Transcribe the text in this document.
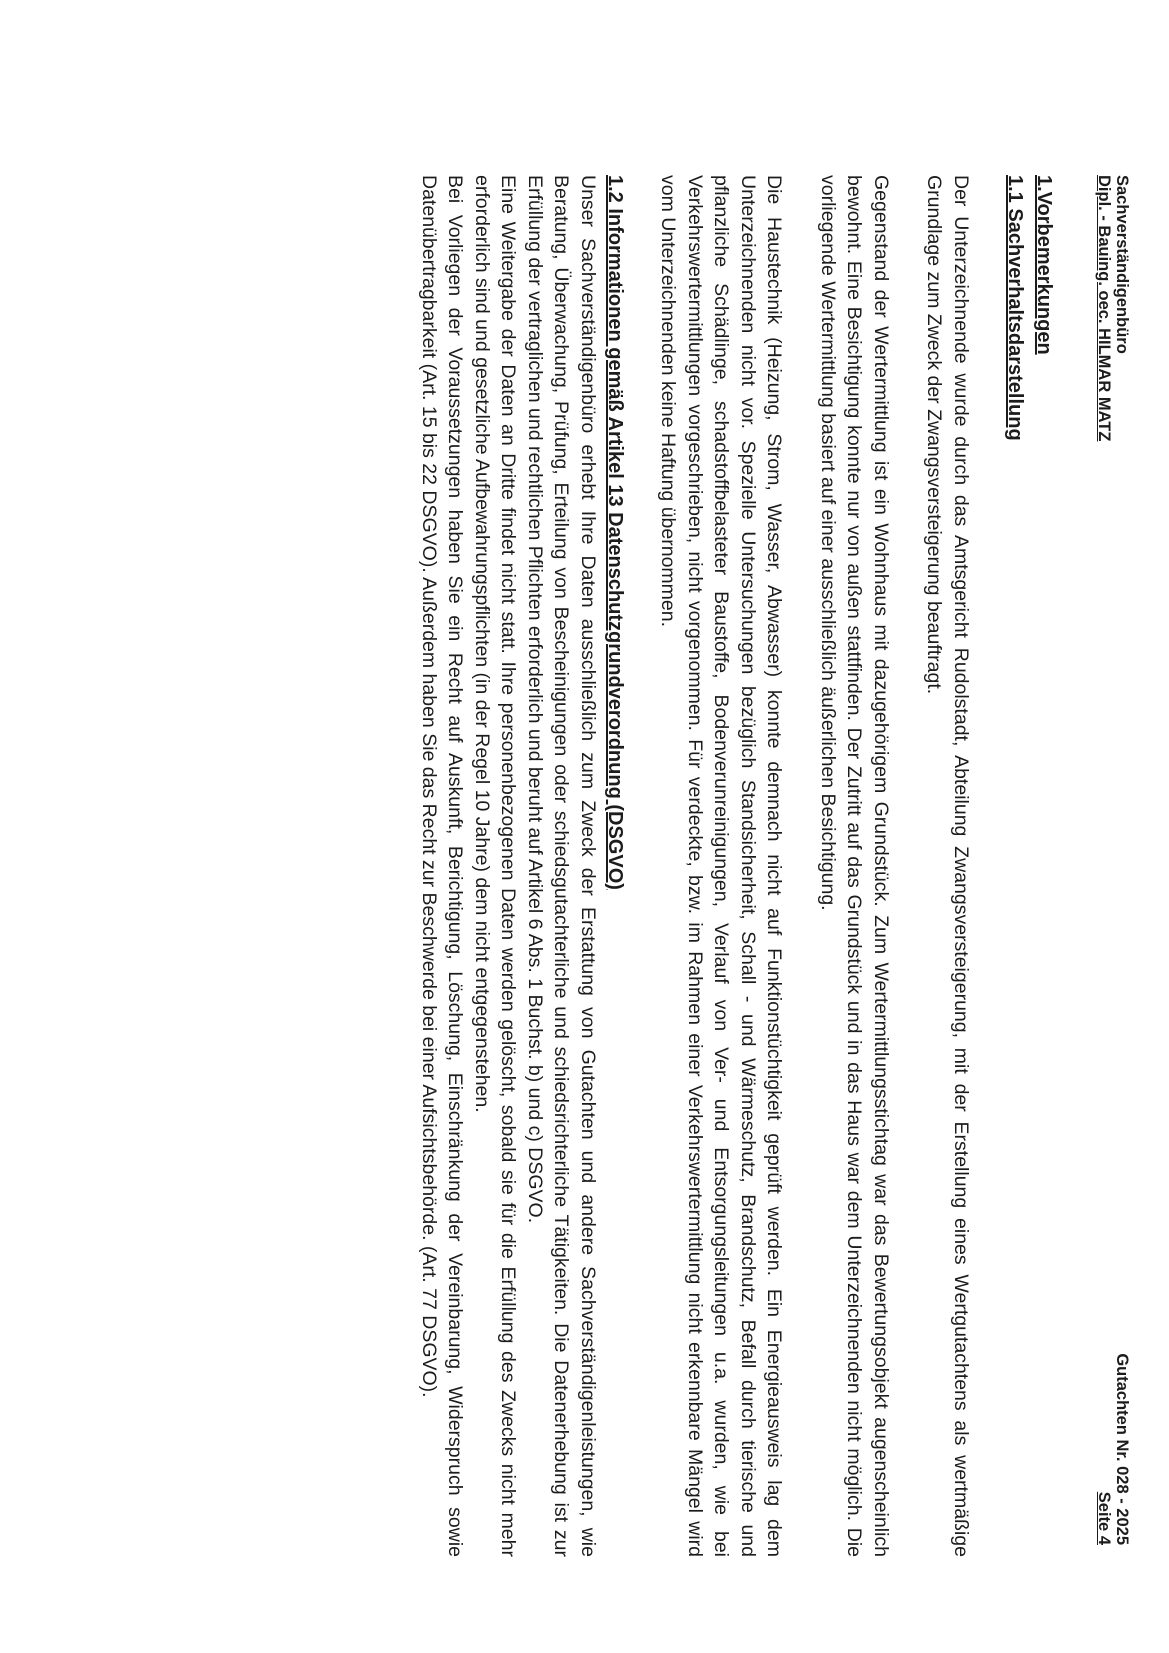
Sachverständigenbüro
Dipl. - Bauing. oec. HILMAR MATZ
Gutachten Nr. 028 - 2025
Seite 4
1.Vorbemerkungen
1.1 Sachverhaltsdarstellung

Der Unterzeichnende wurde durch das Amtsgericht Rudolstadt, Abteilung Zwangsversteigerung, mit der Erstellung eines Wertgutachtens als wertmäßige Grundlage zum Zweck der Zwangsversteigerung beauftragt.

Gegenstand der Wertermittlung ist ein Wohnhaus mit dazugehörigem Grundstück. Zum Wertermittlungsstichtag war das Bewertungsobjekt augenscheinlich bewohnt. Eine Besichtigung konnte nur von außen stattfinden. Der Zutritt auf das Grundstück und in das Haus war dem Unterzeichnenden nicht möglich. Die vorliegende Wertermittlung basiert auf einer ausschließlich äußerlichen Besichtigung.

Die Haustechnik (Heizung, Strom, Wasser, Abwasser) konnte demnach nicht auf Funktionstüchtigkeit geprüft werden. Ein Energieausweis lag dem Unterzeichnenden nicht vor. Spezielle Untersuchungen bezüglich Standsicherheit, Schall - und Wärmeschutz, Brandschutz, Befall durch tierische und pflanzliche Schädlinge, schadstoffbelasteter Baustoffe, Bodenverunreinigungen, Verlauf von Ver- und Entsorgungsleitungen u.a. wurden, wie bei Verkehrswertermittlungen vorgeschrieben, nicht vorgenommen. Für verdeckte, bzw. im Rahmen einer Verkehrswertermittlung nicht erkennbare Mängel wird vom Unterzeichnenden keine Haftung übernommen.

1.2 Informationen gemäß Artikel 13 Datenschutzgrundverordnung (DSGVO)

Unser Sachverständigenbüro erhebt Ihre Daten ausschließlich zum Zweck der Erstattung von Gutachten und andere Sachverständigenleistungen, wie Beratung, Überwachung, Prüfung, Erteilung von Bescheinigungen oder schiedsgutachterliche und schiedsrichterliche Tätigkeiten. Die Datenerhebung ist zur Erfüllung der vertraglichen und rechtlichen Pflichten erforderlich und beruht auf Artikel 6 Abs. 1 Buchst. b) und c) DSGVO.

Eine Weitergabe der Daten an Dritte findet nicht statt. Ihre personenbezogenen Daten werden gelöscht, sobald sie für die Erfüllung des Zwecks nicht mehr erforderlich sind und gesetzliche Aufbewahrungspflichten (in der Regel 10 Jahre) dem nicht entgegenstehen.

Bei Vorliegen der Voraussetzungen haben Sie ein Recht auf Auskunft, Berichtigung, Löschung, Einschränkung der Vereinbarung, Widerspruch sowie Datenübertragbarkeit (Art. 15 bis 22 DSGVO). Außerdem haben Sie das Recht zur Beschwerde bei einer Aufsichtsbehörde. (Art. 77 DSGVO).
